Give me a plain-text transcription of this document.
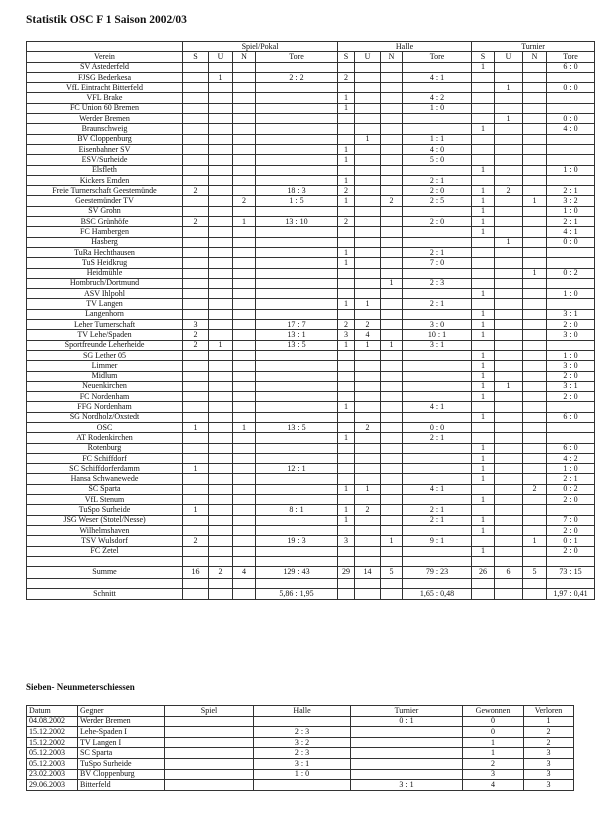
Statistik OSC F 1 Saison 2002/03
	Spiel/Pokal				Halle				Turnier			
Verein	S	U	N	Tore	S	U	N	Tore	S	U	N	Tore
SV Astederfeld									1			6 : 0
FJSG Bederkesa		1		2 : 2	2			4 : 1				
VfL Eintracht Bitterfeld										1		0 : 0
VFL Brake					1			4 : 2				
FC Union 60 Bremen					1			1 : 0				
Werder Bremen										1		0 : 0
Braunschweig									1			4 : 0
BV Cloppenburg						1		1 : 1				
Eisenbahner SV					1			4 : 0				
ESV/Surheide					1			5 : 0				
Elsfleth									1			1 : 0
Kickers Emden					1			2 : 1				
Freie Turnerschaft Geestemünde	2			18 : 3	2			2 : 0	1	2		2 : 1
Geestemünder TV			2	1 : 5	1		2	2 : 5	1		1	3 : 2
SV Grohn									1			1 : 0
BSC Grünhöfe	2		1	13 : 10	2			2 : 0	1			2 : 1
FC Hambergen									1			4 : 1
Hasberg										1		0 : 0
TuRa Hechthausen					1			2 : 1				
TuS Heidkrug					1			7 : 0				
Heidmühle											1	0 : 2
Hombruch/Dortmund							1	2 : 3				
ASV Ihlpohl									1			1 : 0
TV Langen					1	1		2 : 1				
Langenhorn									1			3 : 1
Leher Turnerschaft	3			17 : 7	2	2		3 : 0	1			2 : 0
TV Lehe/Spaden	2			13 : 1	3	4		10 : 1	1			3 : 0
Sportfreunde Leherheide	2	1		13 : 5	1	1	1	3 : 1				
SG Lether 05									1			1 : 0
Limmer									1			3 : 0
Midlum									1			2 : 0
Neuenkirchen									1	1		3 : 1
FC Nordenham									1			2 : 0
FFG Nordenham					1			4 : 1				
SG Nordholz/Oxstedt									1			6 : 0
OSC	1		1	13 : 5		2		0 : 0				
AT Rodenkirchen					1			2 : 1				
Rotenburg									1			6 : 0
FC Schiffdorf									1			4 : 2
SC Schiffdorferdamm	1			12 : 1					1			1 : 0
Hansa Schwanewede									1			2 : 1
SC Sparta					1	1		4 : 1			2	0 : 2
VfL Stenum									1			2 : 0
TuSpo Surheide	1			8 : 1	1	2		2 : 1				
JSG Weser (Stotel/Nesse)					1			2 : 1	1			7 : 0
Wilhelmshaven									1			2 : 0
TSV Wulsdorf	2			19 : 3	3		1	9 : 1			1	0 : 1
FC Zetel									1			2 : 0

Summe	16	2	4	129 : 43	29	14	5	79 : 23	26	6	5	73 : 15

Schnitt				5,86 : 1,95				1,65 : 0,48				1,97 : 0,41
Sieben- Neunmeterschiessen
Datum	Gegner	Spiel	Halle	Turnier	Gewonnen	Verloren
04.08.2002	Werder Bremen			0 : 1	0	1
15.12.2002	Lehe-Spaden I		2 : 3		0	2
15.12.2002	TV Langen I		3 : 2		1	2
05.12.2003	SC Sparta		2 : 3		1	3
05.12.2003	TuSpo Surheide		3 : 1		2	3
23.02.2003	BV Cloppenburg		1 : 0		3	3
29.06.2003	Bitterfeld			3 : 1	4	3
